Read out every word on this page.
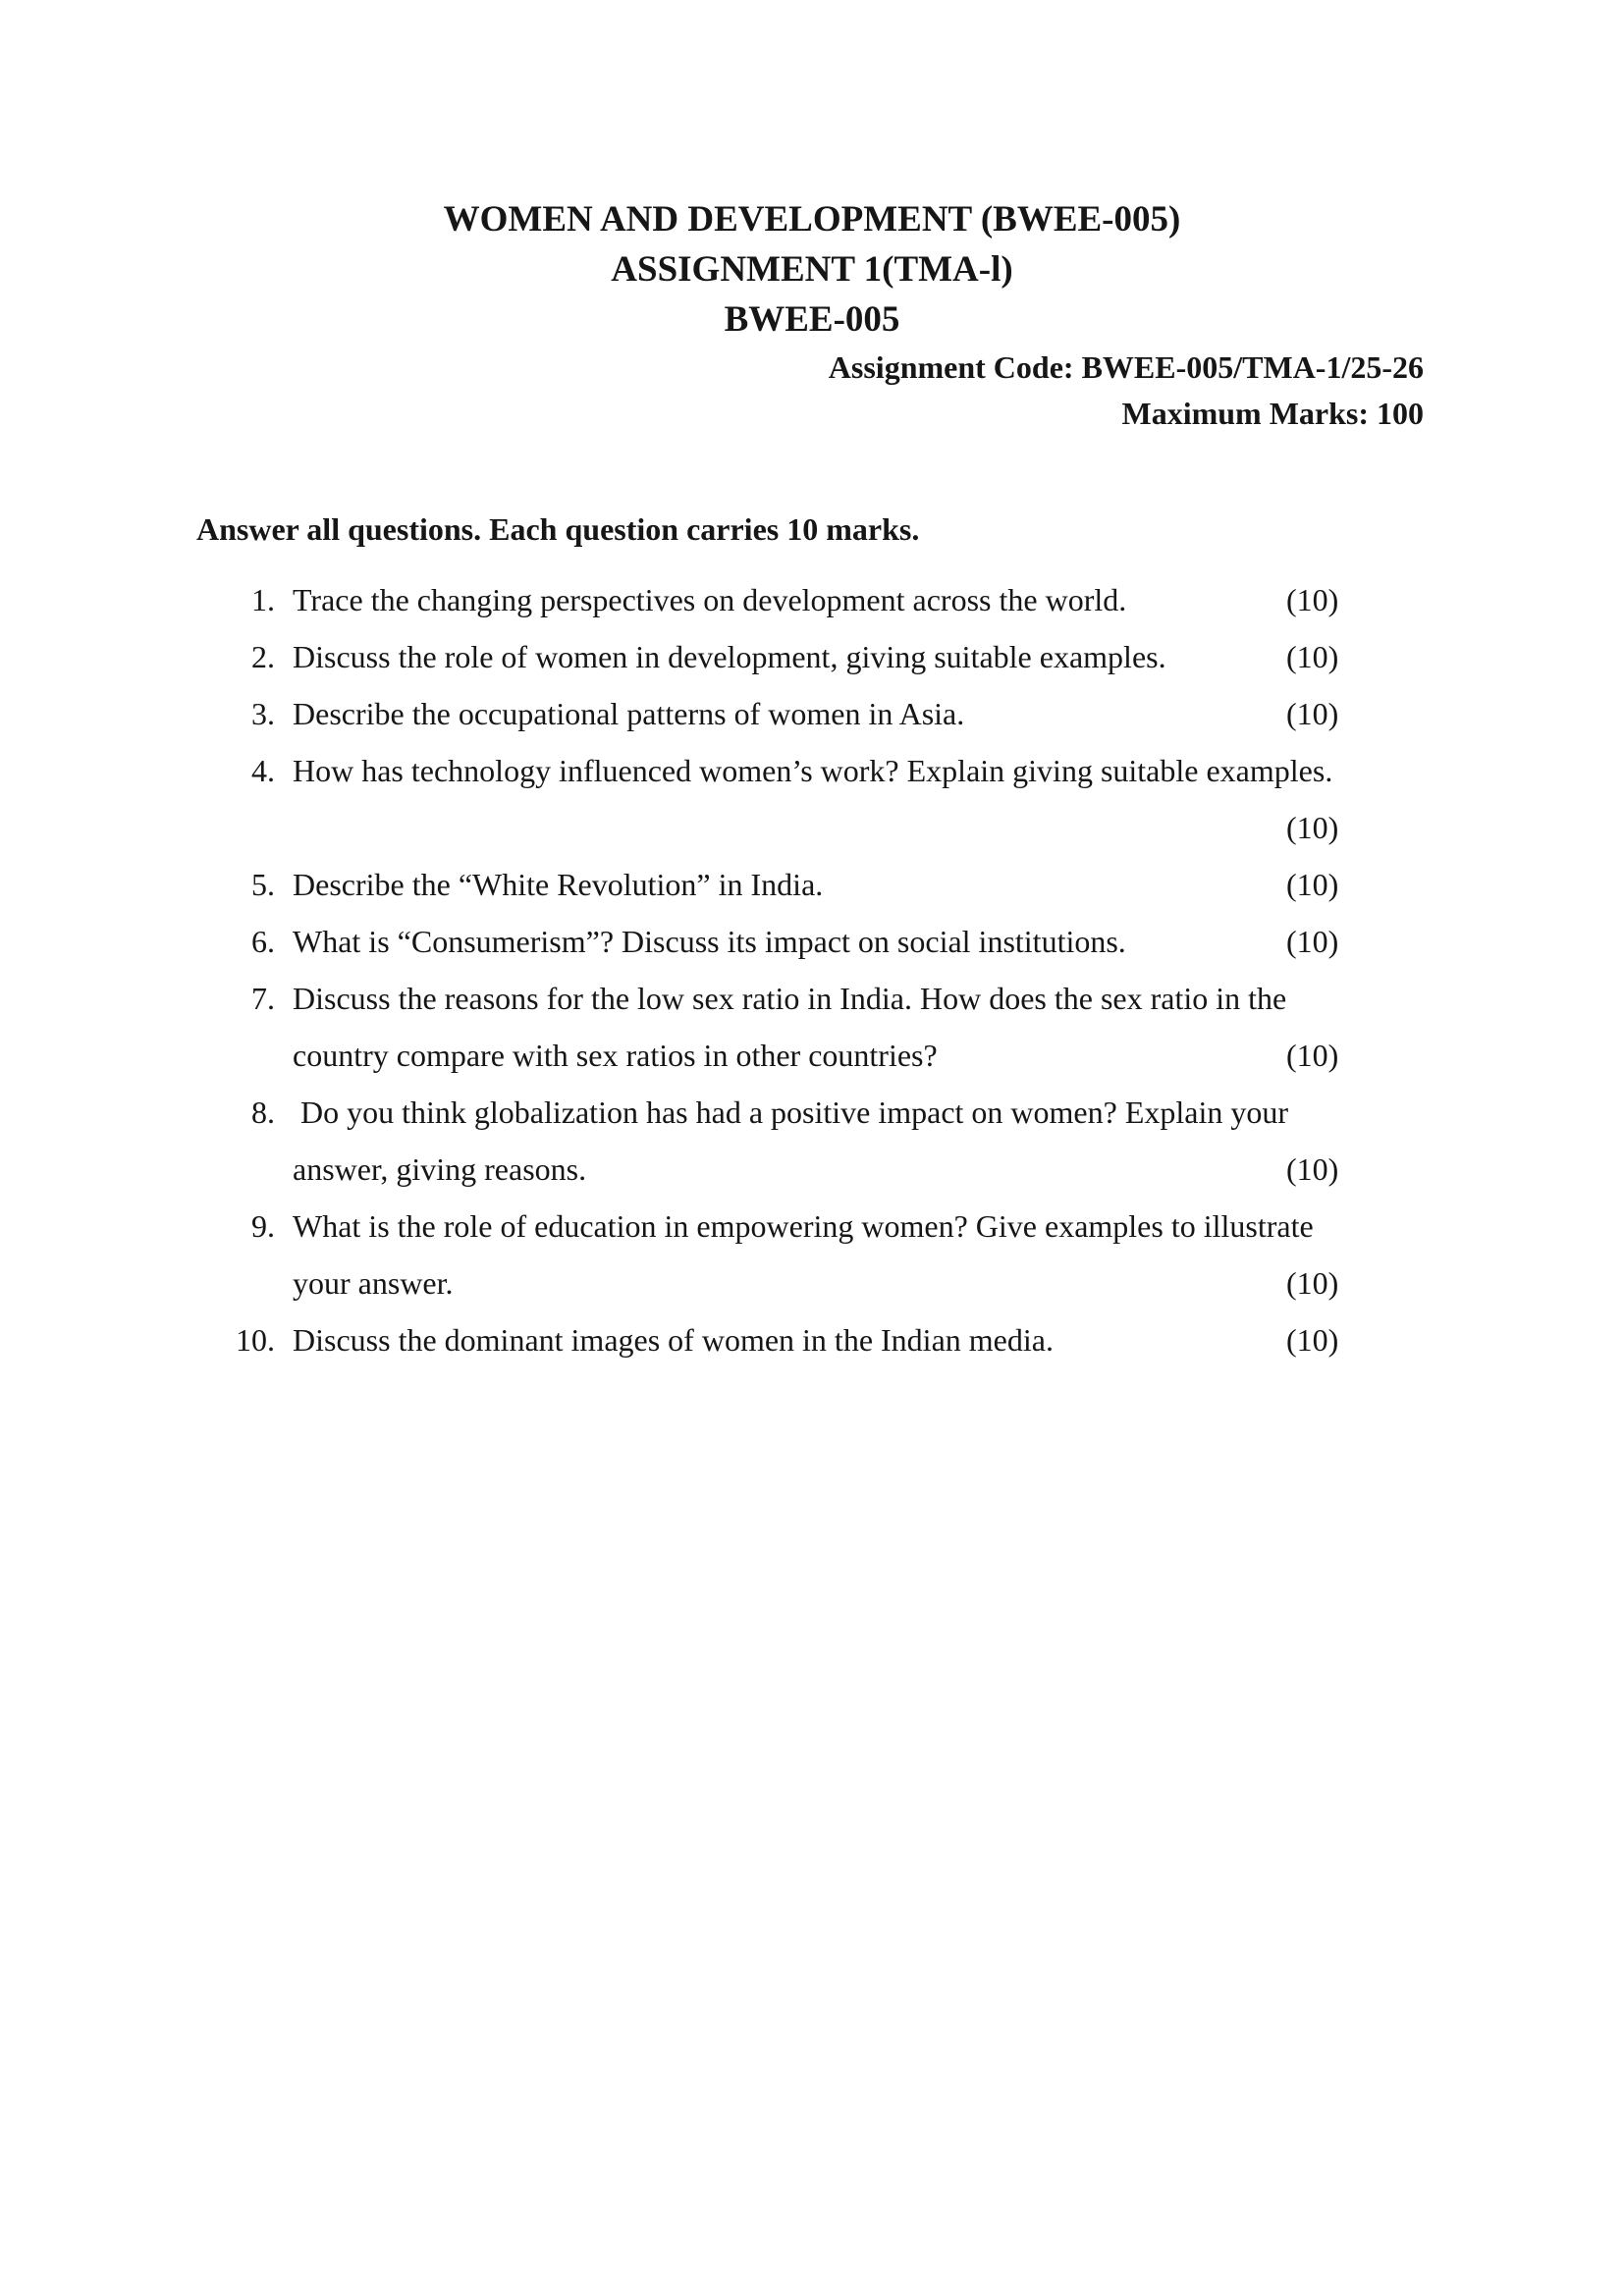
WOMEN AND DEVELOPMENT (BWEE-005)
ASSIGNMENT 1(TMA-l)
BWEE-005
Assignment Code: BWEE-005/TMA-1/25-26
Maximum Marks: 100
Answer all questions. Each question carries 10 marks.
1. Trace the changing perspectives on development across the world.	(10)
2. Discuss the role of women in development, giving suitable examples.	(10)
3. Describe the occupational patterns of women in Asia.	(10)
4. How has technology influenced women’s work? Explain giving suitable examples.
(10)
5. Describe the “White Revolution” in India.	(10)
6. What is “Consumerism”? Discuss its impact on social institutions.	(10)
7. Discuss the reasons for the low sex ratio in India. How does the sex ratio in the
country compare with sex ratios in other countries?	(10)
8. Do you think globalization has had a positive impact on women? Explain your
answer, giving reasons.	(10)
9. What is the role of education in empowering women? Give examples to illustrate
your answer.	(10)
10. Discuss the dominant images of women in the Indian media.	(10)
